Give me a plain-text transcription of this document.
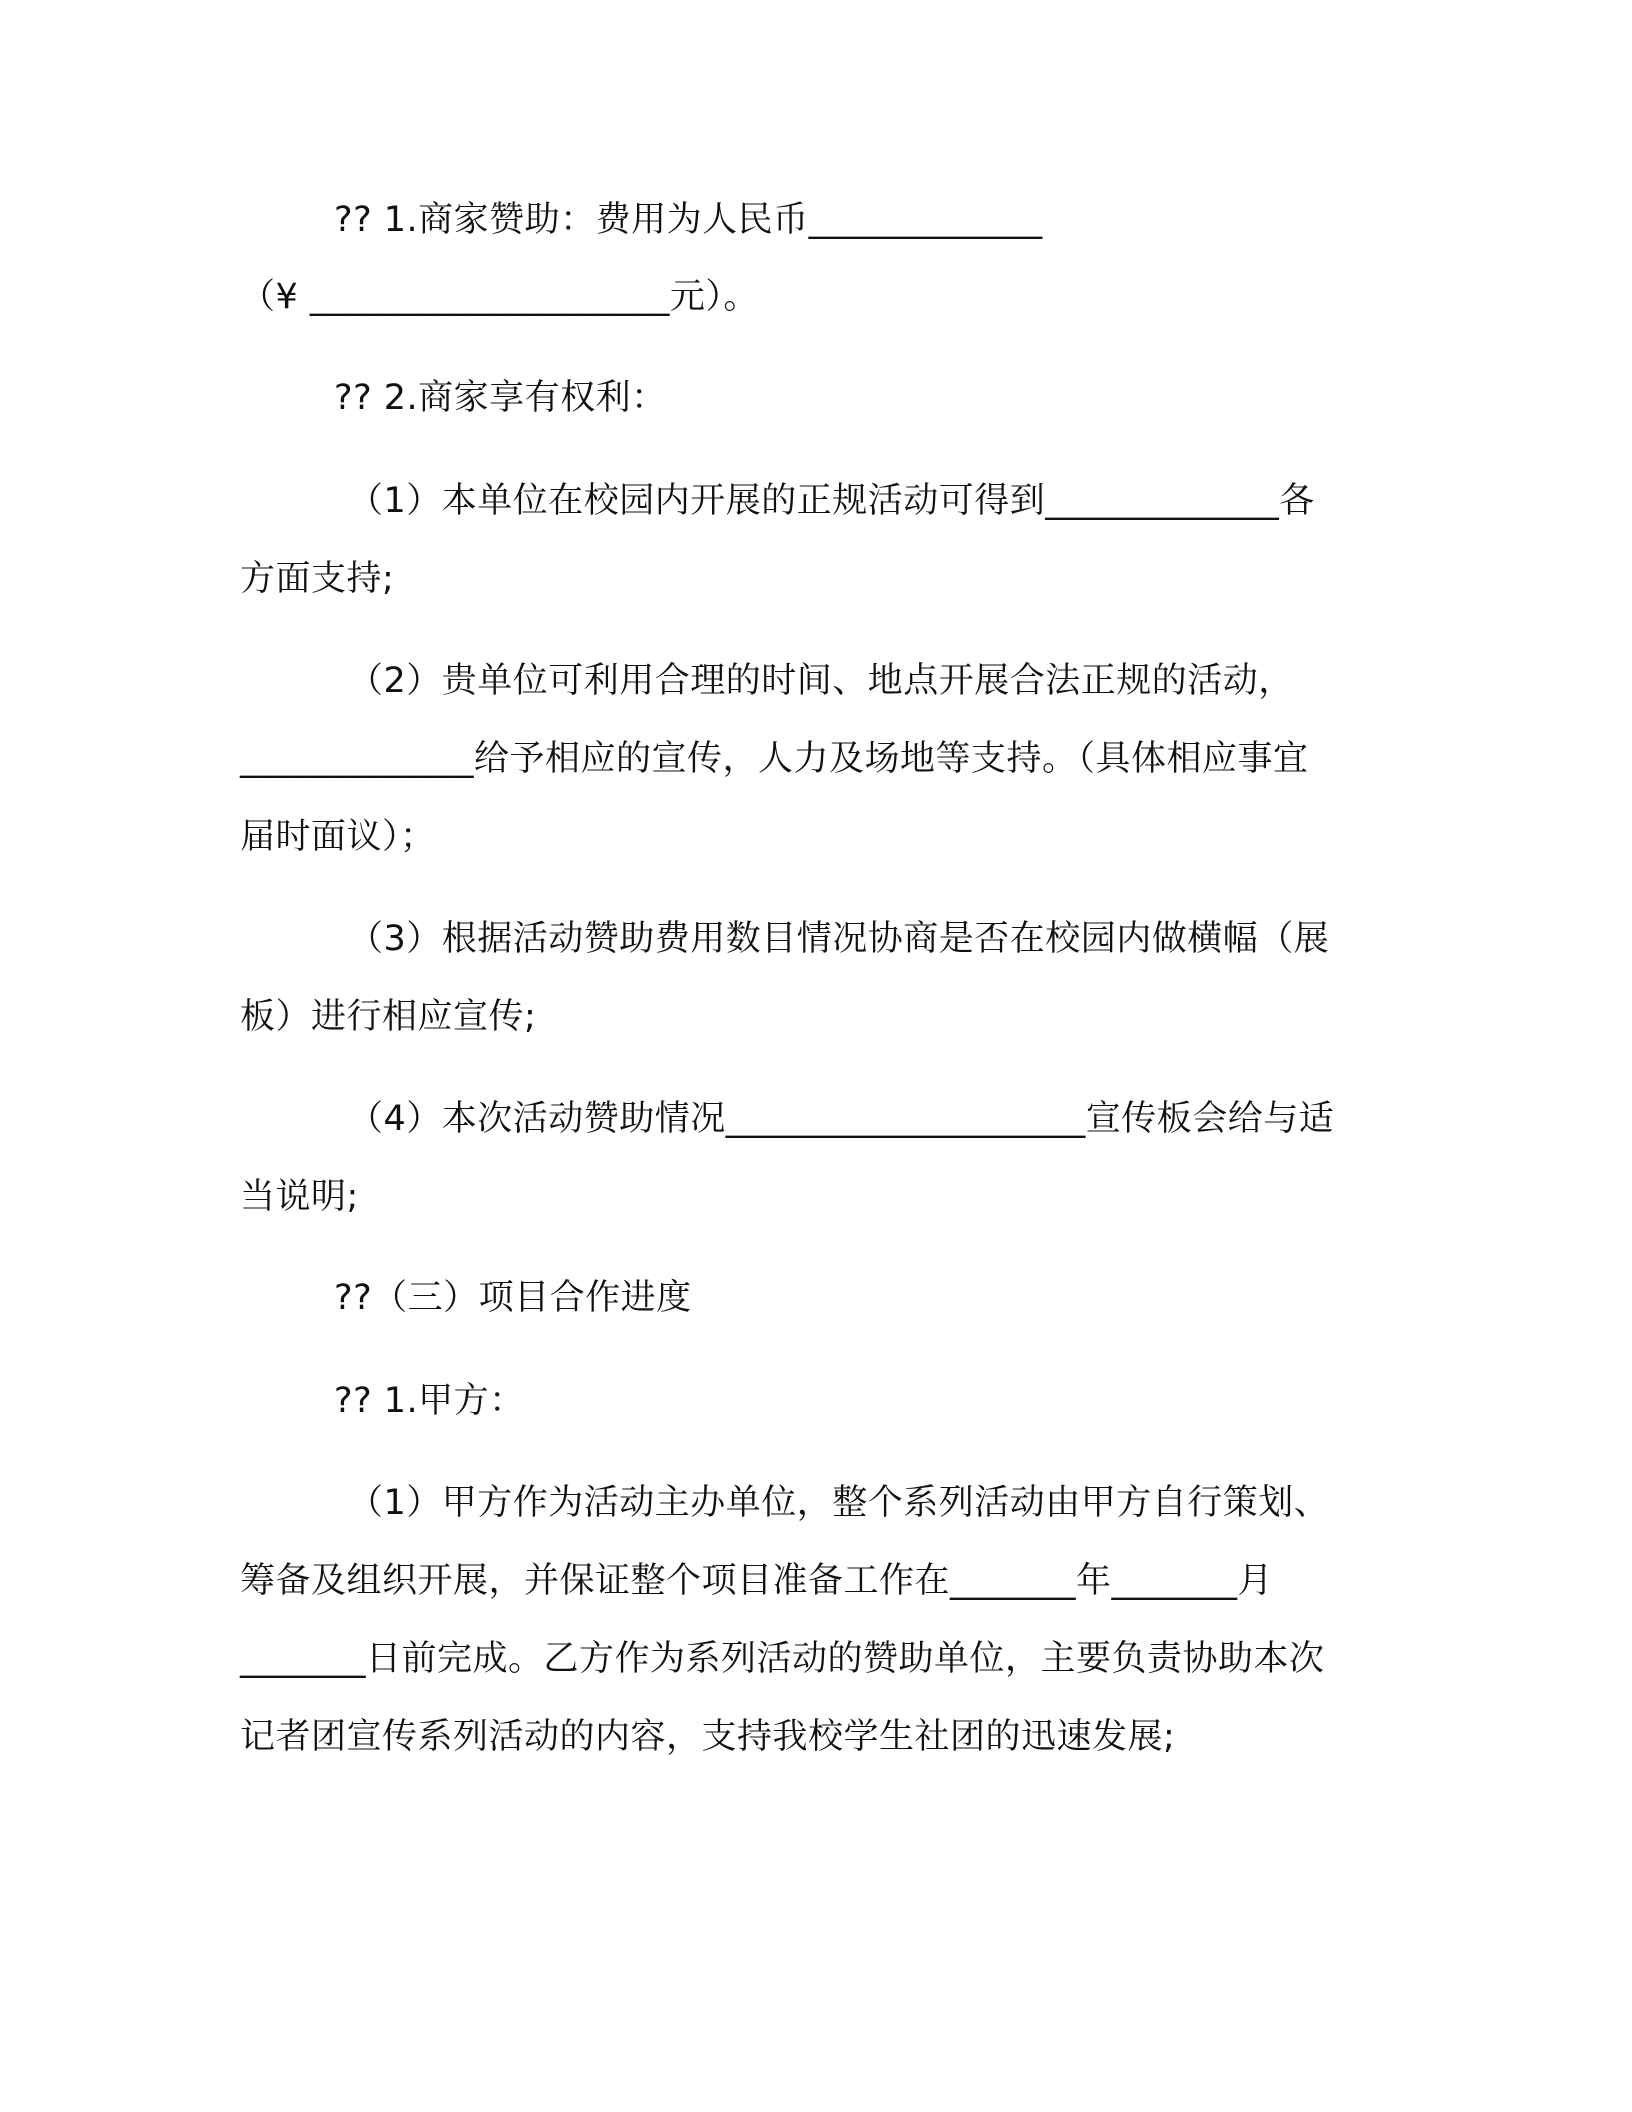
?? 1.商家赞助：费用为人民币_____________
（¥ ____________________元）。
?? 2.商家享有权利：
（1）本单位在校园内开展的正规活动可得到_____________各
方面支持;
（2）贵单位可利用合理的时间、地点开展合法正规的活动，
_____________给予相应的宣传，人力及场地等支持。（具体相应事宜
届时面议）；
（3）根据活动赞助费用数目情况协商是否在校园内做横幅（展
板）进行相应宣传;
（4）本次活动赞助情况____________________宣传板会给与适
当说明;
??（三）项目合作进度
?? 1.甲方：
（1）甲方作为活动主办单位，整个系列活动由甲方自行策划、
筹备及组织开展，并保证整个项目准备工作在_______年_______月
_______日前完成。乙方作为系列活动的赞助单位，主要负责协助本次
记者团宣传系列活动的内容，支持我校学生社团的迅速发展;
